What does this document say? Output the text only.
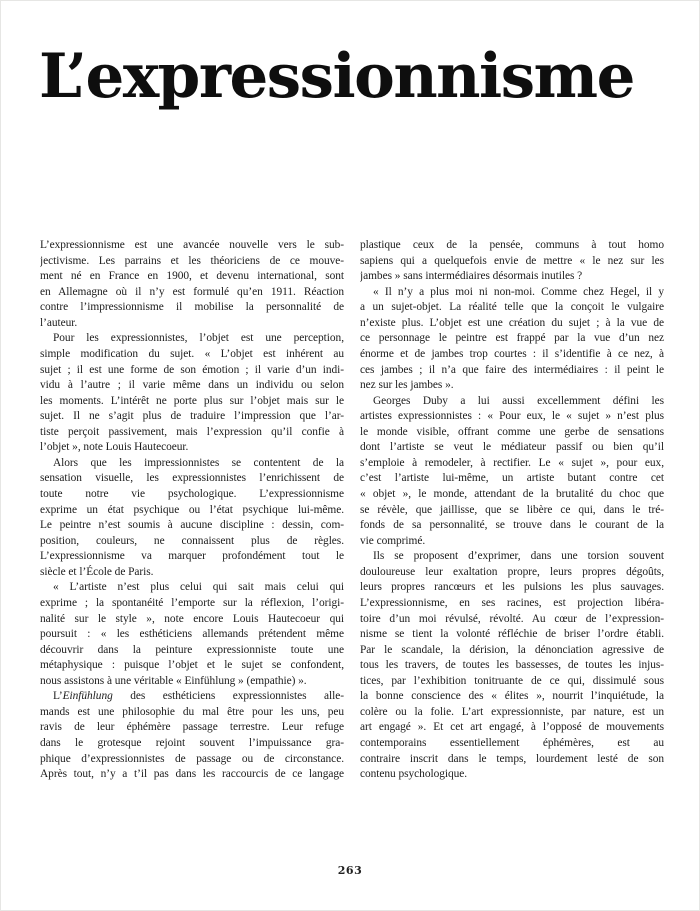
L’expressionnisme
L’expressionnisme est une avancée nouvelle vers le sub-
jectivisme. Les parrains et les théoriciens de ce mouve-
ment né en France en 1900, et devenu international, sont
en Allemagne où il n’y est formulé qu’en 1911. Réaction
contre l’impressionnisme il mobilise la personnalité de
l’auteur.
Pour les expressionnistes, l’objet est une perception,
simple modification du sujet. « L’objet est inhérent au
sujet ; il est une forme de son émotion ; il varie d’un indi-
vidu à l’autre ; il varie même dans un individu ou selon
les moments. L’intérêt ne porte plus sur l’objet mais sur le
sujet. Il ne s’agit plus de traduire l’impression que l’ar-
tiste perçoit passivement, mais l’expression qu’il confie à
l’objet », note Louis Hautecoeur.
Alors que les impressionnistes se contentent de la
sensation visuelle, les expressionnistes l’enrichissent de
toute notre vie psychologique. L’expressionnisme
exprime un état psychique ou l’état psychique lui-même.
Le peintre n’est soumis à aucune discipline : dessin, com-
position, couleurs, ne connaissent plus de règles.
L’expressionnisme va marquer profondément tout le
siècle et l’École de Paris.
« L’artiste n’est plus celui qui sait mais celui qui
exprime ; la spontanéité l’emporte sur la réflexion, l’origi-
nalité sur le style », note encore Louis Hautecoeur qui
poursuit : « les esthéticiens allemands prétendent même
découvrir dans la peinture expressionniste toute une
métaphysique : puisque l’objet et le sujet se confondent,
nous assistons à une véritable « Einfühlung » (empathie) ».
L’Einfühlung des esthéticiens expressionnistes alle-
mands est une philosophie du mal être pour les uns, peu
ravis de leur éphémère passage terrestre. Leur refuge
dans le grotesque rejoint souvent l’impuissance gra-
phique d’expressionnistes de passage ou de circonstance.
Après tout, n’y a t’il pas dans les raccourcis de ce langage
plastique ceux de la pensée, communs à tout homo
sapiens qui a quelquefois envie de mettre « le nez sur les
jambes » sans intermédiaires désormais inutiles ?
« Il n’y a plus moi ni non-moi. Comme chez Hegel, il y
a un sujet-objet. La réalité telle que la conçoit le vulgaire
n’existe plus. L’objet est une création du sujet ; à la vue de
ce personnage le peintre est frappé par la vue d’un nez
énorme et de jambes trop courtes : il s’identifie à ce nez, à
ces jambes ; il n’a que faire des intermédiaires : il peint le
nez sur les jambes ».
Georges Duby a lui aussi excellemment défini les
artistes expressionnistes : « Pour eux, le « sujet » n’est plus
le monde visible, offrant comme une gerbe de sensations
dont l’artiste se veut le médiateur passif ou bien qu’il
s’emploie à remodeler, à rectifier. Le « sujet », pour eux,
c’est l’artiste lui-même, un artiste butant contre cet
« objet », le monde, attendant de la brutalité du choc que
se révèle, que jaillisse, que se libère ce qui, dans le tré-
fonds de sa personnalité, se trouve dans le courant de la
vie comprimé.
Ils se proposent d’exprimer, dans une torsion souvent
douloureuse leur exaltation propre, leurs propres dégoûts,
leurs propres rancœurs et les pulsions les plus sauvages.
L’expressionnisme, en ses racines, est projection libéra-
toire d’un moi révulsé, révolté. Au cœur de l’expression-
nisme se tient la volonté réfléchie de briser l’ordre établi.
Par le scandale, la dérision, la dénonciation agressive de
tous les travers, de toutes les bassesses, de toutes les injus-
tices, par l’exhibition tonitruante de ce qui, dissimulé sous
la bonne conscience des « élites », nourrit l’inquiétude, la
colère ou la folie. L’art expressionniste, par nature, est un
art engagé ». Et cet art engagé, à l’opposé de mouvements
contemporains essentiellement éphémères, est au
contraire inscrit dans le temps, lourdement lesté de son
contenu psychologique.
263
